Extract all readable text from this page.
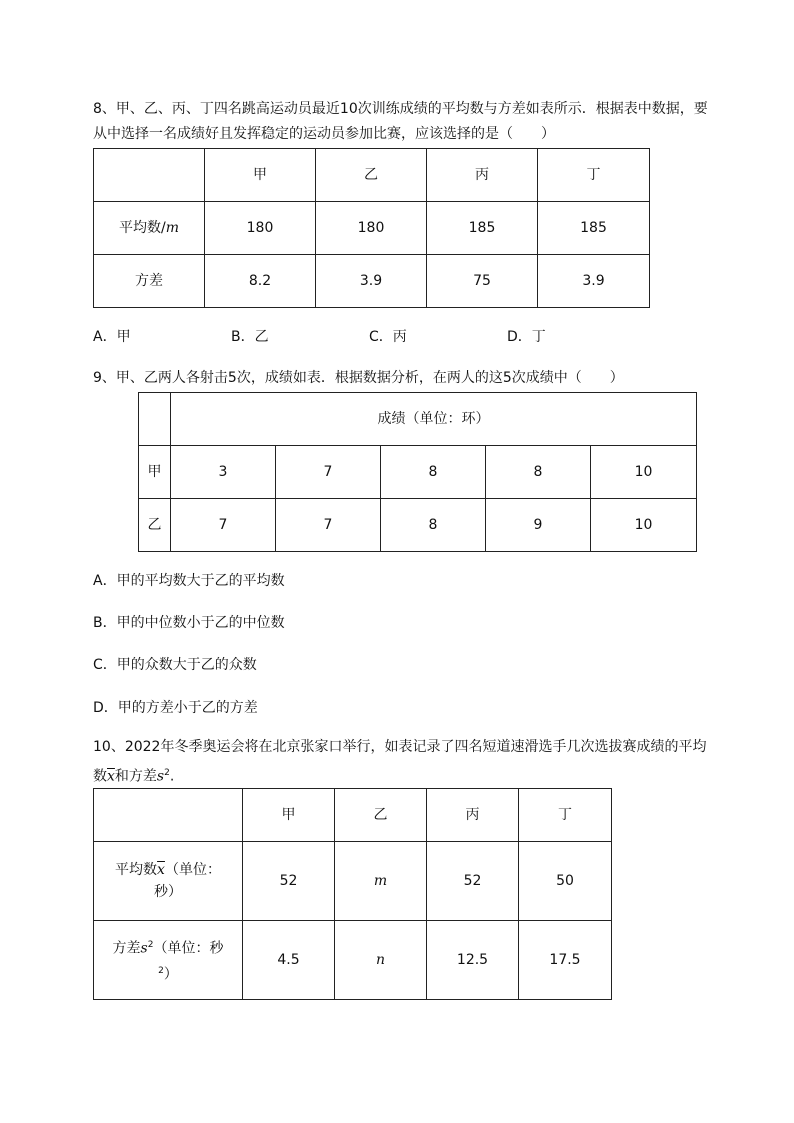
8、甲、乙、丙、丁四名跳高运动员最近10次训练成绩的平均数与方差如表所示．根据表中数据，要
从中选择一名成绩好且发挥稳定的运动员参加比赛，应该选择的是（　　）
	甲	乙	丙	丁
平均数/m	180	180	185	185
方差	8.2	3.9	75	3.9
A．甲	B．乙	C．丙	D．丁
9、甲、乙两人各射击5次，成绩如表．根据数据分析，在两人的这5次成绩中（　　）
	成绩（单位：环）				
甲	3	7	8	8	10
乙	7	7	8	9	10
A．甲的平均数大于乙的平均数
B．甲的中位数小于乙的中位数
C．甲的众数大于乙的众数
D．甲的方差小于乙的方差
10、2022年冬季奥运会将在北京张家口举行，如表记录了四名短道速滑选手几次选拔赛成绩的平均
数$\overline{x}$和方差$s^2$.
	甲	乙	丙	丁
平均数$\overline{x}$（单位：
秒）	52	m	52	50
方差$s^2$（单位：秒
$^2$）	4.5	n	12.5	17.5
